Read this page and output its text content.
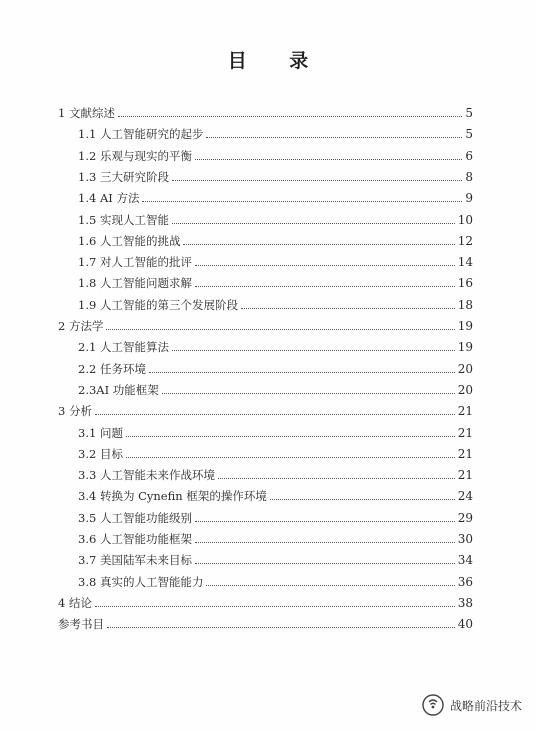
目 录
1 文献综述	5
1.1 人工智能研究的起步	5
1.2 乐观与现实的平衡	6
1.3 三大研究阶段	8
1.4 AI 方法	9
1.5 实现人工智能	10
1.6 人工智能的挑战	12
1.7 对人工智能的批评	14
1.8 人工智能问题求解	16
1.9 人工智能的第三个发展阶段	18
2 方法学	19
2.1 人工智能算法	19
2.2 任务环境	20
2.3AI 功能框架	20
3 分析	21
3.1 问题	21
3.2 目标	21
3.3 人工智能未来作战环境	21
3.4 转换为 Cynefin 框架的操作环境	24
3.5 人工智能功能级别	29
3.6 人工智能功能框架	30
3.7 美国陆军未来目标	34
3.8 真实的人工智能能力	36
4 结论	38
参考书目	40
战略前沿技术
